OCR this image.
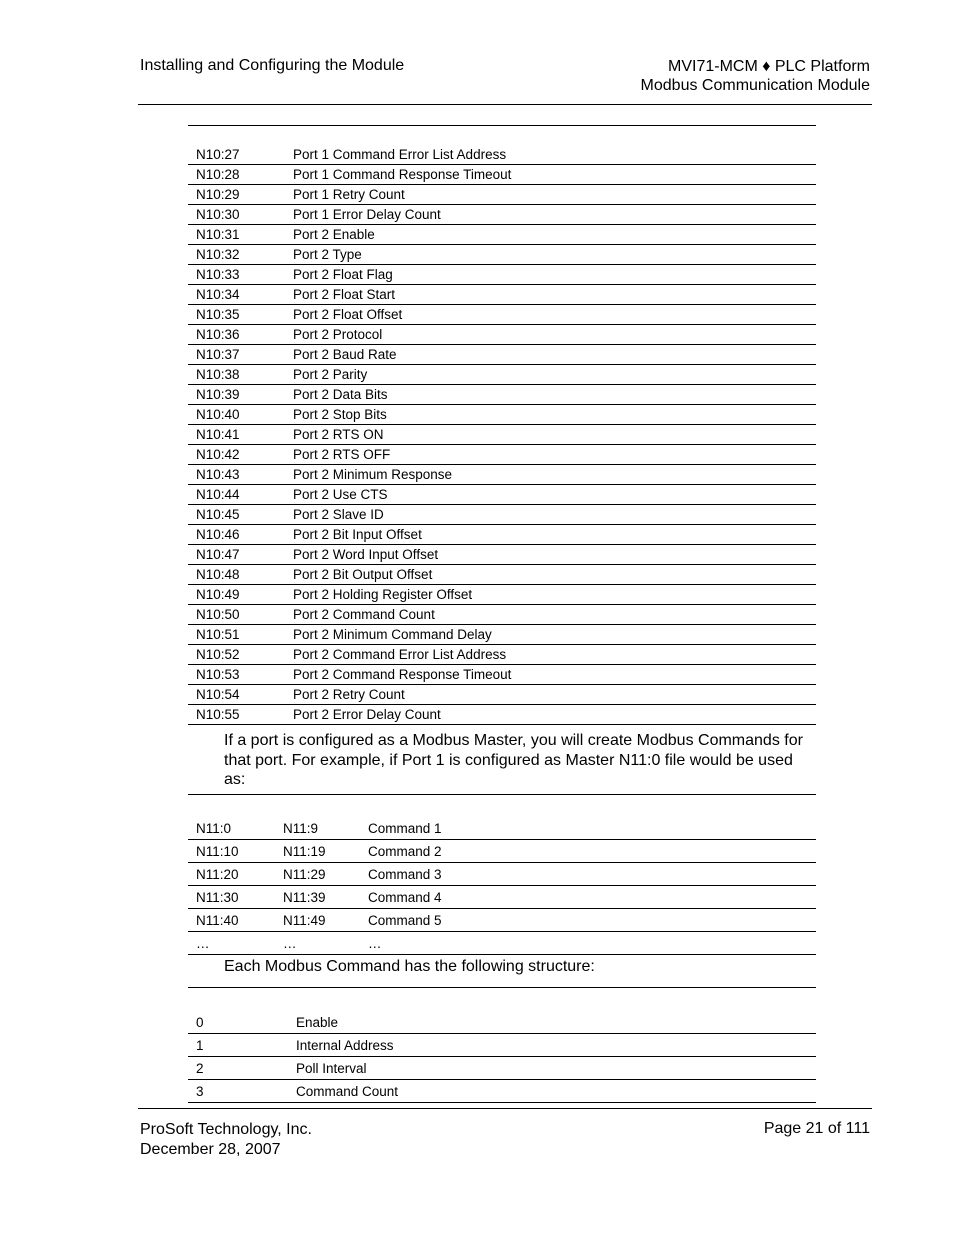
Installing and Configuring the Module	MVI71-MCM ♦ PLC Platform
Modbus Communication Module
N10:27	Port 1 Command Error List Address
N10:28	Port 1 Command Response Timeout
N10:29	Port 1 Retry Count
N10:30	Port 1 Error Delay Count
N10:31	Port 2 Enable
N10:32	Port 2 Type
N10:33	Port 2 Float Flag
N10:34	Port 2 Float Start
N10:35	Port 2 Float Offset
N10:36	Port 2 Protocol
N10:37	Port 2 Baud Rate
N10:38	Port 2 Parity
N10:39	Port 2 Data Bits
N10:40	Port 2 Stop Bits
N10:41	Port 2 RTS ON
N10:42	Port 2 RTS OFF
N10:43	Port 2 Minimum Response
N10:44	Port 2 Use CTS
N10:45	Port 2 Slave ID
N10:46	Port 2 Bit Input Offset
N10:47	Port 2 Word Input Offset
N10:48	Port 2 Bit Output Offset
N10:49	Port 2 Holding Register Offset
N10:50	Port 2 Command Count
N10:51	Port 2 Minimum Command Delay
N10:52	Port 2 Command Error List Address
N10:53	Port 2 Command Response Timeout
N10:54	Port 2 Retry Count
N10:55	Port 2 Error Delay Count
If a port is configured as a Modbus Master, you will create Modbus Commands for that port. For example, if Port 1 is configured as Master N11:0 file would be used as:
N11:0	N11:9	Command 1
N11:10	N11:19	Command 2
N11:20	N11:29	Command 3
N11:30	N11:39	Command 4
N11:40	N11:49	Command 5
…	…	…
Each Modbus Command has the following structure:
0	Enable
1	Internal Address
2	Poll Interval
3	Command Count
ProSoft Technology, Inc.
December 28, 2007
Page 21 of 111
